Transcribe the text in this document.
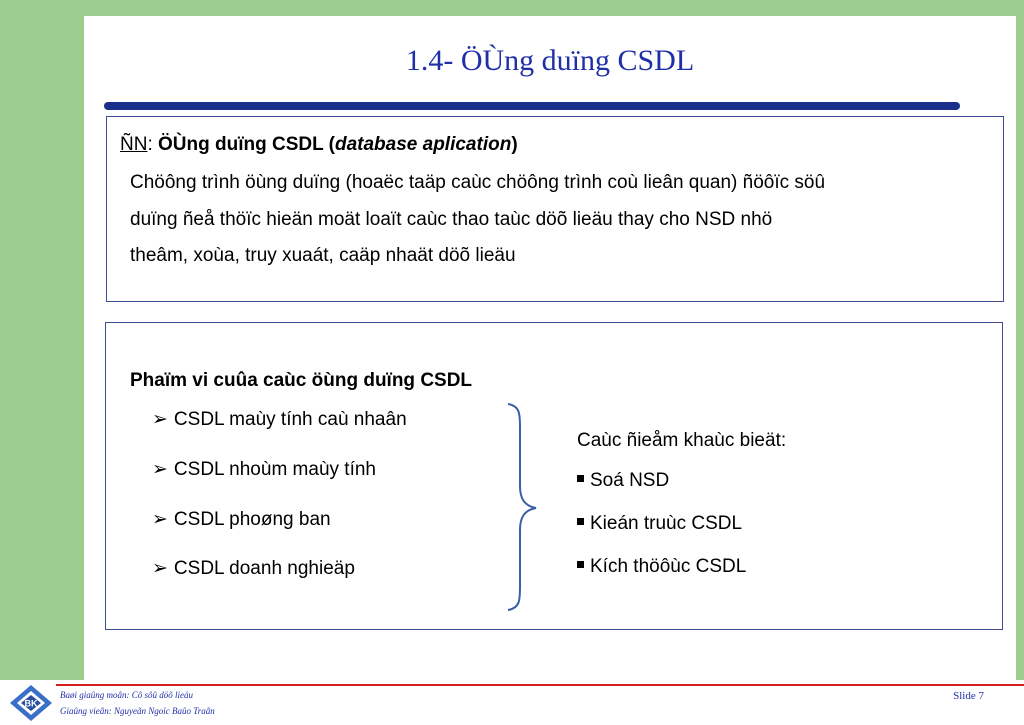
1.4- ÖÙng duïng CSDL
ÑN: ÖÙng duïng CSDL (database aplication)
Chöông trình öùng duïng (hoaëc taäp caùc chöông trình coù lieân quan) ñöôïc söû
duïng ñeå thöïc hieän moät loaït caùc thao taùc döõ lieäu thay cho NSD nhö
theâm, xoùa, truy xuaát, caäp nhaät döõ lieäu
Phaïm vi cuûa caùc öùng duïng CSDL
➢ CSDL maùy tính caù nhaân
➢ CSDL nhoùm maùy tính
➢ CSDL phoøng ban
➢ CSDL doanh nghieäp
Caùc ñieåm khaùc bieät:
Soá NSD
Kieán truùc CSDL
Kích thöôùc CSDL
BK
Baøi giaûng moân: Cô sôû döõ lieäu
Giaûng vieân: Nguyeãn Ngoïc Baûo Traân
Slide 7
